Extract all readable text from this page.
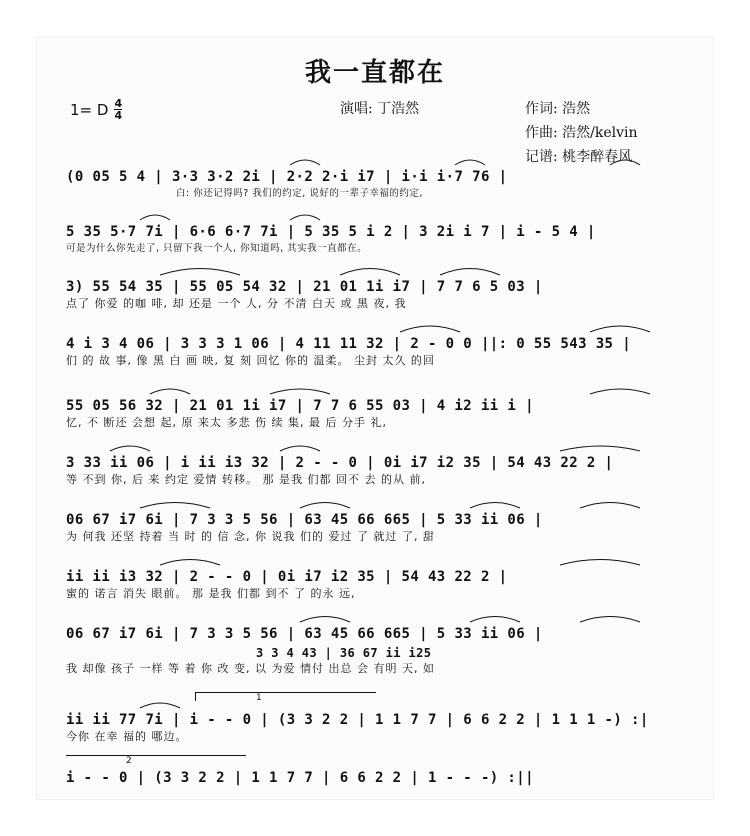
我一直都在
1= D 4
4	演唱: 丁浩然	作词: 浩然
作曲: 浩然/kelvin
记谱: 桃李醉春风
(0 05 5 4 | 3·3 3·2 2i | 2·2 2·i i7 | i·i i·7 76 |
白: 你还记得吗? 我们的约定, 说好的一辈子幸福的约定,
5 35 5·7 7i | 6·6 6·7 7i | 5 35 5 i 2 | 3 2i i 7 | i - 5 4 |
可是为什么你先走了, 只留下我一个人, 你知道吗, 其实我一直都在。
3) 55 54 35 | 55 05 54 32 | 21 01 1i i7 | 7 7 6 5 03 |
点了 你爱 的咖 啡, 却 还是 一个 人, 分 不清 白天 或 黑 夜, 我
4 i 3 4 06 | 3 3 3 1 06 | 4 11 11 32 | 2 - 0 0 ||: 0 55 543 35 |
们 的 故 事, 像 黑 白 画 映, 复 刻 回忆 你的 温柔。 尘封 太久 的回
55 05 56 32 | 21 01 1i i7 | 7 7 6 55 03 | 4 i2 ii i |
忆, 不 断还 会想 起, 原 来太 多悲 伤 续 集, 最 后 分手 礼,
3 33 ii 06 | i ii i3 32 | 2 - - 0 | 0i i7 i2 35 | 54 43 22 2 |
等 不到 你, 后 来 约定 爱情 转移。 那 是我 们都 回不 去 的从 前,
06 67 i7 6i | 7 3 3 5 56 | 63 45 66 665 | 5 33 ii 06 |
为 何我 还坚 持着 当 时 的 信 念, 你 说我 们的 爱过 了 就过 了, 甜
ii ii i3 32 | 2 - - 0 | 0i i7 i2 35 | 54 43 22 2 |
蜜的 诺言 消失 眼前。 那 是我 们都 到不 了 的永 远,
06 67 i7 6i | 7 3 3 5 56 | 63 45 66 665 | 5 33 ii 06 |
3 3 4 43 | 36 67 ii i25
我 却像 孩子 一样 等 着 你 改 变, 以 为爱 情付 出总 会 有明 天, 如
1
ii ii 77 7i | i - - 0 | (3 3 2 2 | 1 1 7 7 | 6 6 2 2 | 1 1 1 -) :|
今你 在幸 福的 哪边。
2
i - - 0 | (3 3 2 2 | 1 1 7 7 | 6 6 2 2 | 1 - - -) :||
